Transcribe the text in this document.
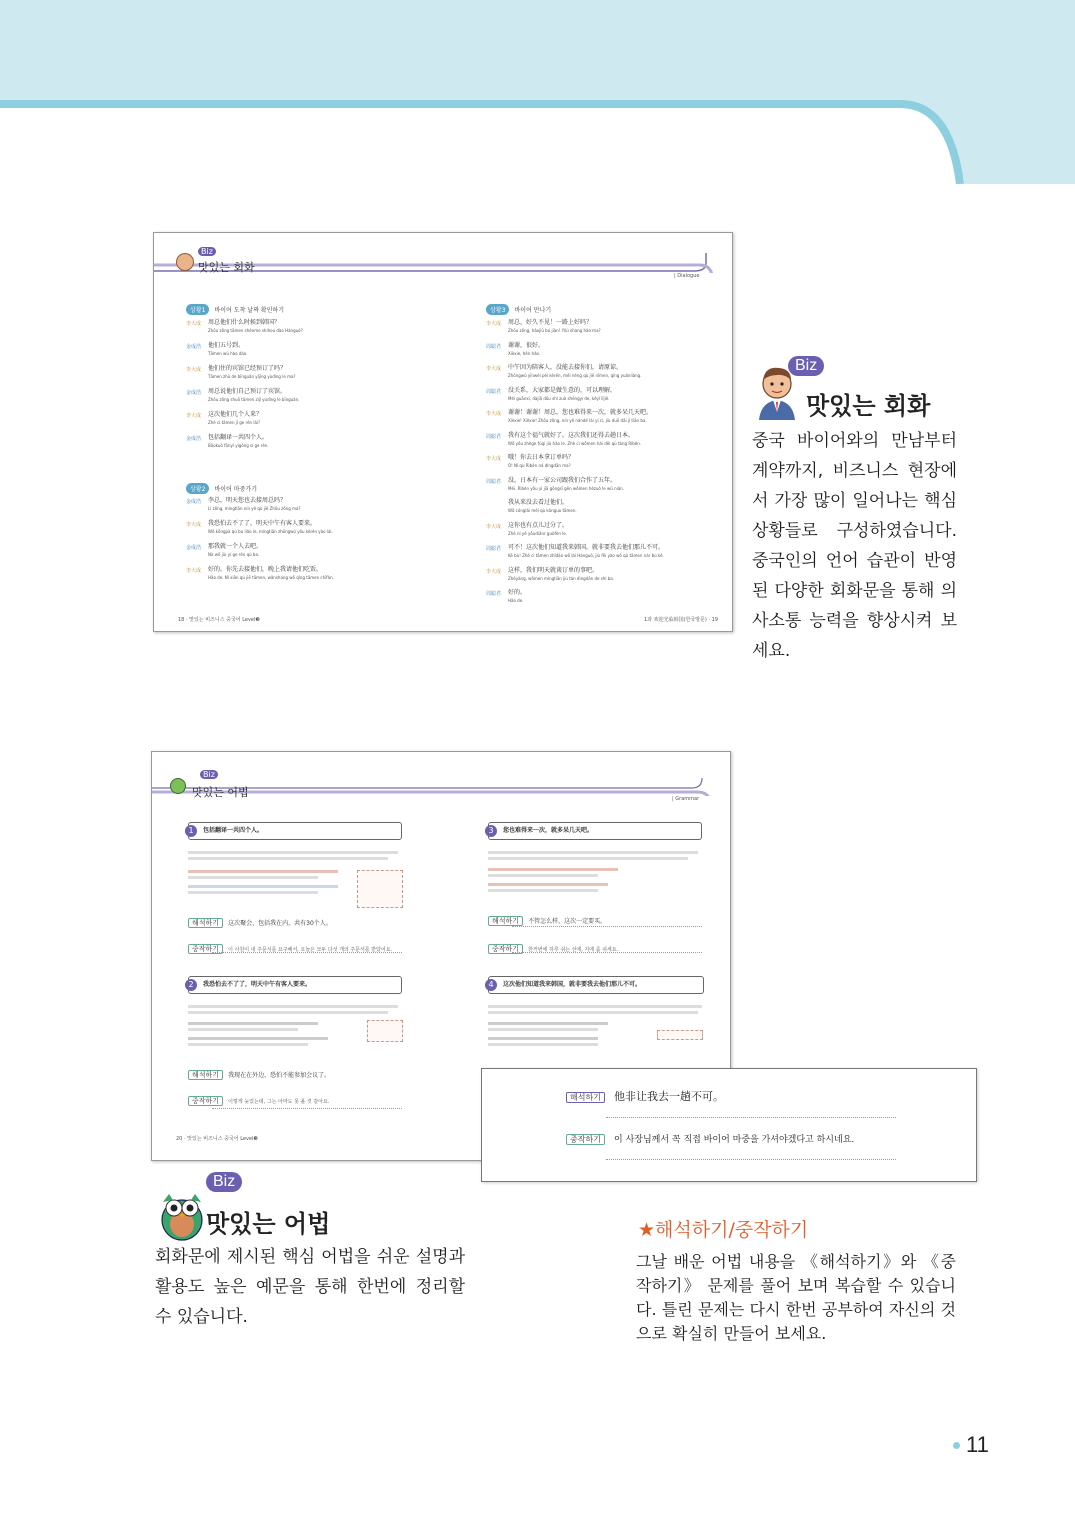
Biz
맛있는 회화
| Dialogue
상황1 바이어 도착 날짜 확인하기
李大成 周总他们什么时候到韩国？
Zhōu zǒng tāmen shénme shíhou dào Hánguó?
金成浩 他们五号到。
Tāmen wǔ hào dào.
李大成 他们住的宾馆已经预订了吗？
Tāmen zhù de bīnguǎn yǐjīng yùdìng le ma?
金成浩 周总说他们自己预订了宾馆。
Zhōu zǒng shuō tāmen zìjǐ yùdìng le bīnguǎn.
李大成 这次他们几个人来？
Zhè cì tāmen jǐ ge rén lái?
金成浩 包括翻译一共四个人。
Bāokuò fānyì yígòng sì ge rén.
상황2 바이어 마중가기
金成浩 李总，明天您也去接周总吗？
Lǐ zǒng, míngtiān nín yě qù jiē Zhōu zǒng ma?
李大成 我恐怕去不了了，明天中午有客人要来。
Wǒ kǒngpà qù bu liǎo le, míngtiān zhōngwǔ yǒu kèrén yào lái.
金成浩 那我就一个人去吧。
Nà wǒ jiù yí ge rén qù ba.
李大成 好的。你先去接他们，晚上我请他们吃饭。
Hǎo de. Nǐ xiān qù jiē tāmen, wǎnshang wǒ qǐng tāmen chīfàn.
상황3 바이어 만나기
李大成 周总，好久不见！一路上好吗？
Zhōu zǒng, hǎojiǔ bú jiàn! Yílù shang hǎo ma?
周聪君 谢谢，很好。
Xièxie, hěn hǎo.
李大成 中午因为陪客人，没能去接你们，请原谅。
Zhōngwǔ yīnwèi péi kèrén, méi néng qù jiē nǐmen, qǐng yuánliàng.
周聪君 没关系，大家都是做生意的，可以理解。
Méi guānxi, dàjiā dōu shì zuò shēngyi de, kěyǐ lǐjiě.
李大成 谢谢！谢谢！周总，您也难得来一次，就多呆几天吧。
Xièxie! Xièxie! Zhōu zǒng, nín yě nándé lái yí cì, jiù duō dāi jǐ tiān ba.
周聪君 我有这个福气就好了。这次我们还得去趟日本。
Wǒ yǒu zhège fúqi jiù hǎo le. Zhè cì wǒmen hái děi qù tàng Rìběn.
李大成 哦！你去日本拿订单吗？
Ó! Nǐ qù Rìběn ná dìngdān ma?
周聪君 没。日本有一家公司跟我们合作了五年。
Méi. Rìběn yǒu yì jiā gōngsī gēn wǒmen hézuò le wǔ nián.
我从来没去看过他们。
Wǒ cónglái méi qù kànguo tāmen.
李大成 这你也有点儿过分了。
Zhè nǐ yě yǒudiǎnr guòfèn le.
周聪君 可不！这次他们知道我来韩国，就非要我去他们那儿不可。
Kě bù! Zhè cì tāmen zhīdào wǒ lái Hánguó, jiù fēi yào wǒ qù tāmen nàr bù kě.
李大成 这样，我们明天就谈订单的事吧。
Zhèyàng, wǒmen míngtiān jiù tán dìngdān de shì ba.
周聪君 好的。
Hǎo de.
18 · 맛있는 비즈니스 중국어 Level❸	1과 欢迎光临韩国(한국방문) · 19
Biz
맛있는 회화
중국 바이어와의 만남부터 계약까지, 비즈니스 현장에서 가장 많이 일어나는 핵심 상황들로 구성하였습니다. 중국인의 언어 습관이 반영된 다양한 회화문을 통해 의사소통 능력을 향상시켜 보세요.
Biz
맛있는 어법	| Grammar
1	包括翻译一共四个人。
해석하기 这次聚会，包括我在内，共有30个人。
중작하기 이 사원이 내 주문서를 요구해서, 오늘은 모두 다섯 개의 주문서를 받았어요.
2	我恐怕去不了了，明天中午有客人要来。
해석하기 我现在在外边，恐怕不能参加会议了。
중작하기 이렇게 늦었는데, 그는 아마도 못 올 것 같아요.
20 · 맛있는 비즈니스 중국어 Level❸
3	您也难得来一次，就多呆几天吧。
해석하기 不管怎么样，这次一定要买。
중작하기 한꺼번에 하루 쉬는 선에, 지에 좀 쉬세요.
4	这次他们知道我来韩国，就非要我去他们那儿不可。
해석하기 他非让我去一趟不可。
중작하기 이 사장님께서 꼭 직접 바이어 마중을 가셔야겠다고 하시네요.
Biz
맛있는 어법
회화문에 제시된 핵심 어법을 쉬운 설명과 활용도 높은 예문을 통해 한번에 정리할 수 있습니다.
★해석하기/중작하기
그날 배운 어법 내용을 《해석하기》와 《중작하기》 문제를 풀어 보며 복습할 수 있습니다. 틀린 문제는 다시 한번 공부하여 자신의 것으로 확실히 만들어 보세요.
11
